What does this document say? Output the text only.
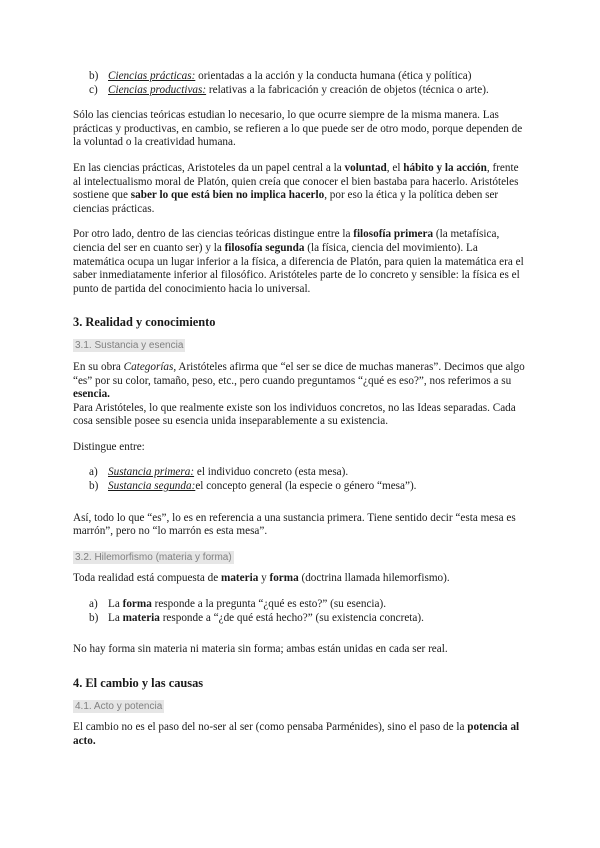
b) Ciencias prácticas: orientadas a la acción y la conducta humana (ética y política)
c) Ciencias productivas: relativas a la fabricación y creación de objetos (técnica o arte).

Sólo las ciencias teóricas estudian lo necesario, lo que ocurre siempre de la misma manera. Las prácticas y productivas, en cambio, se refieren a lo que puede ser de otro modo, porque dependen de la voluntad o la creatividad humana.

En las ciencias prácticas, Aristoteles da un papel central a la voluntad, el hábito y la acción, frente al intelectualismo moral de Platón, quien creía que conocer el bien bastaba para hacerlo. Aristóteles sostiene que saber lo que está bien no implica hacerlo, por eso la ética y la política deben ser ciencias prácticas.

Por otro lado, dentro de las ciencias teóricas distingue entre la filosofía primera (la metafísica, ciencia del ser en cuanto ser) y la filosofía segunda (la física, ciencia del movimiento). La matemática ocupa un lugar inferior a la física, a diferencia de Platón, para quien la matemática era el saber inmediatamente inferior al filosófico. Aristóteles parte de lo concreto y sensible: la física es el punto de partida del conocimiento hacia lo universal.

3. Realidad y conocimiento

3.1. Sustancia y esencia

En su obra Categorías, Aristóteles afirma que “el ser se dice de muchas maneras”. Decimos que algo “es” por su color, tamaño, peso, etc., pero cuando preguntamos “¿qué es eso?”, nos referimos a su esencia.
Para Aristóteles, lo que realmente existe son los individuos concretos, no las Ideas separadas. Cada cosa sensible posee su esencia unida inseparablemente a su existencia.

Distingue entre:

a) Sustancia primera: el individuo concreto (esta mesa).
b) Sustancia segunda:el concepto general (la especie o género “mesa”).

Así, todo lo que “es”, lo es en referencia a una sustancia primera. Tiene sentido decir “esta mesa es marrón”, pero no “lo marrón es esta mesa”.

3.2. Hilemorfismo (materia y forma)

Toda realidad está compuesta de materia y forma (doctrina llamada hilemorfismo).

a) La forma responde a la pregunta “¿qué es esto?” (su esencia).
b) La materia responde a “¿de qué está hecho?” (su existencia concreta).

No hay forma sin materia ni materia sin forma; ambas están unidas en cada ser real.

4. El cambio y las causas

4.1. Acto y potencia

El cambio no es el paso del no-ser al ser (como pensaba Parménides), sino el paso de la potencia al acto.
